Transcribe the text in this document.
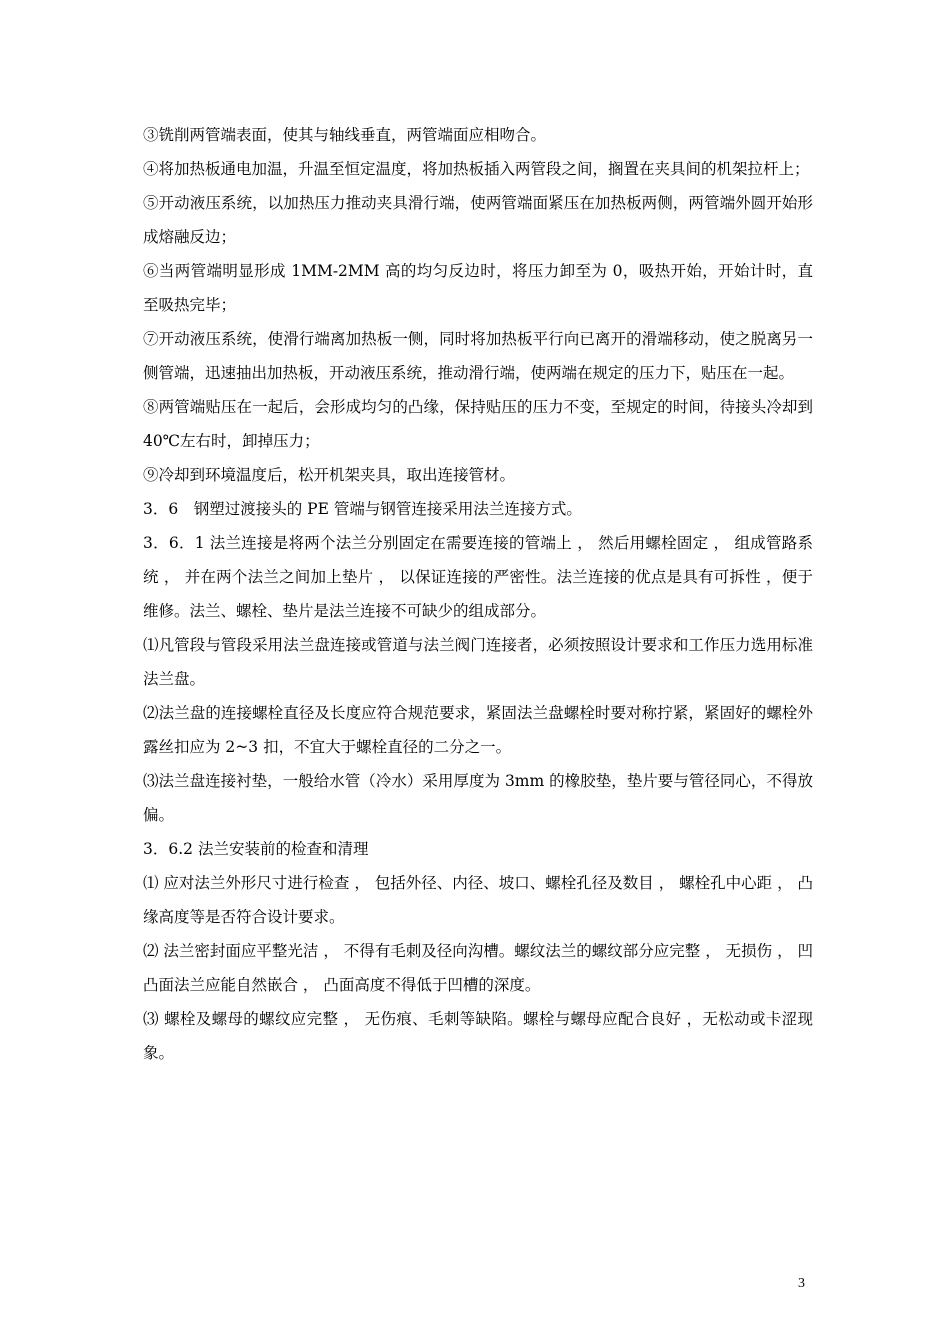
③铣削两管端表面，使其与轴线垂直，两管端面应相吻合。

④将加热板通电加温，升温至恒定温度，将加热板插入两管段之间，搁置在夹具间的机架拉杆上；

⑤开动液压系统，以加热压力推动夹具滑行端，使两管端面紧压在加热板两侧，两管端外圆开始形成熔融反边；

⑥当两管端明显形成 1MM-2MM 高的均匀反边时，将压力卸至为 0，吸热开始，开始计时，直至吸热完毕；

⑦开动液压系统，使滑行端离加热板一侧，同时将加热板平行向已离开的滑端移动，使之脱离另一侧管端，迅速抽出加热板，开动液压系统，推动滑行端，使两端在规定的压力下，贴压在一起。

⑧两管端贴压在一起后，会形成均匀的凸缘，保持贴压的压力不变，至规定的时间，待接头冷却到 40℃左右时，卸掉压力；

⑨冷却到环境温度后，松开机架夹具，取出连接管材。

3．6　钢塑过渡接头的 PE 管端与钢管连接采用法兰连接方式。

3．6．1 法兰连接是将两个法兰分别固定在需要连接的管端上 ， 然后用螺栓固定 ， 组成管路系统 ， 并在两个法兰之间加上垫片 ， 以保证连接的严密性。法兰连接的优点是具有可拆性 ，便于维修。法兰、螺栓、垫片是法兰连接不可缺少的组成部分。

⑴凡管段与管段采用法兰盘连接或管道与法兰阀门连接者，必须按照设计要求和工作压力选用标准法兰盘。

⑵法兰盘的连接螺栓直径及长度应符合规范要求，紧固法兰盘螺栓时要对称拧紧，紧固好的螺栓外露丝扣应为 2~3 扣，不宜大于螺栓直径的二分之一。

⑶法兰盘连接衬垫，一般给水管（冷水）采用厚度为 3mm 的橡胶垫，垫片要与管径同心，不得放偏。

3．6.2 法兰安装前的检查和清理

⑴ 应对法兰外形尺寸进行检查 ， 包括外径、内径、坡口、螺栓孔径及数目 ， 螺栓孔中心距 ， 凸缘高度等是否符合设计要求。

⑵ 法兰密封面应平整光洁 ， 不得有毛刺及径向沟槽。螺纹法兰的螺纹部分应完整 ， 无损伤 ， 凹凸面法兰应能自然嵌合 ， 凸面高度不得低于凹槽的深度。

⑶ 螺栓及螺母的螺纹应完整 ， 无伤痕、毛刺等缺陷。螺栓与螺母应配合良好 ，无松动或卡涩现象。

3
